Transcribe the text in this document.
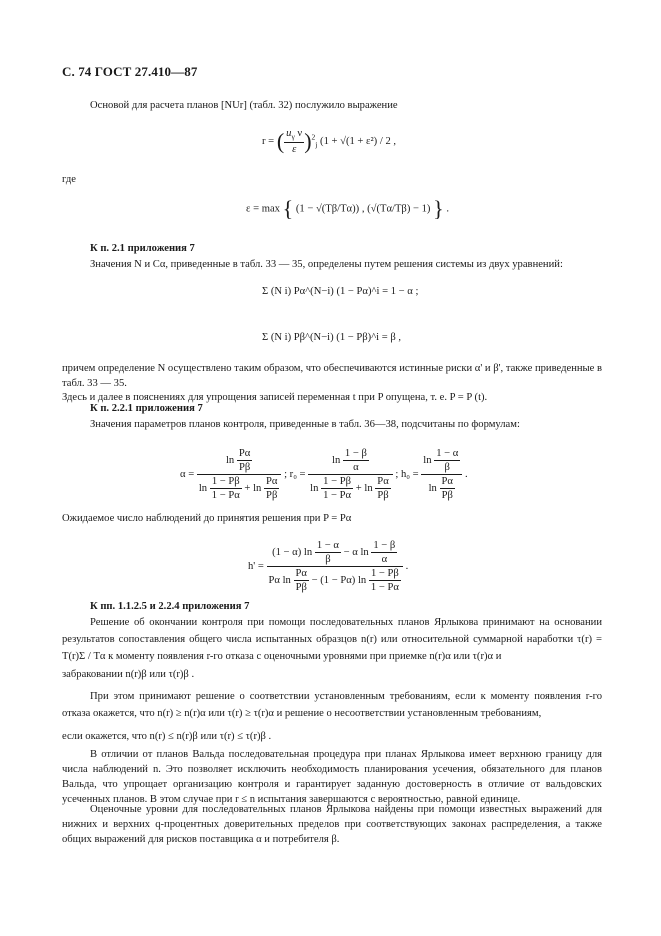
С. 74 ГОСТ 27.410—87
Основой для расчета планов [NUr] (табл. 32) послужило выражение
r = ( $\frac{u_\gamma \nu}{\varepsilon} )^2_j$ (1 + √(1 + ε²) / 2 ,
где
ε = max { (1 − √(Tβ/Tα)) , (√(Tα/Tβ) − 1) } .
К п. 2.1 приложения 7
Значения N и Cα, приведенные в табл. 33 — 35, определены путем решения системы из двух уравнений:
Σ (N i) Pα^(N−i) (1 − Pα)^i = 1 − α ;
Σ (N i) Pβ^(N−i) (1 − Pβ)^i = β ,
причем определение N осуществлено таким образом, что обеспечиваются истинные риски α' и β', также приведенные в табл. 33 — 35.
Здесь и далее в пояснениях для упрощения записей переменная t при P опущена, т. е. P = P (t).
К п. 2.2.1 приложения 7
Значения параметров планов контроля, приведенные в табл. 36—38, подсчитаны по формулам:
$\alpha = \frac{\ln \frac{P\alpha}{P\beta}}{\ln \frac{1 - P\beta}{1 - P\alpha} + \ln \frac{P\alpha}{P\beta}}$ ; $r_0 = \frac{\ln \frac{1 - \beta}{\alpha}}{\ln \frac{1 - P\beta}{1 - P\alpha} + \ln \frac{P\alpha}{P\beta}}$ ; $h_0 = \frac{\ln \frac{1 - \alpha}{\beta}}{\ln \frac{P\alpha}{P\beta}}$ .
Ожидаемое число наблюдений до принятия решения при P = Pα
$h' = \frac{(1 - \alpha) \ln \frac{1 - \alpha}{\beta} - \alpha \ln \frac{1 - \beta}{\alpha}}{P\alpha \ln \frac{P\alpha}{P\beta} - (1 - P\alpha) \ln \frac{1 - P\beta}{1 - P\alpha}}$ .
К пп. 1.1.2.5 и 2.2.4 приложения 7
Решение об окончании контроля при помощи последовательных планов Ярлыкова принимают на основании результатов сопоставления общего числа испытанных образцов n(r) или относительной суммарной наработки τ(r) = T(r)Σ / Tα к моменту появления r-го отказа с оценочными уровнями при приемке n(r)α или τ(r)α и
забраковании n(r)β или τ(r)β .
При этом принимают решение о соответствии установленным требованиям, если к моменту появления r-го отказа окажется, что n(r) ≥ n(r)α или τ(r) ≥ τ(r)α и решение о несоответствии установленным требованиям,
если окажется, что n(r) ≤ n(r)β или τ(r) ≤ τ(r)β .
В отличии от планов Вальда последовательная процедура при планах Ярлыкова имеет верхнюю границу для числа наблюдений n. Это позволяет исключить необходимость планирования усечения, обязательного для планов Вальда, что упрощает организацию контроля и гарантирует заданную достоверность в отличие от вальдовских усеченных планов. В этом случае при r ≤ n испытания завершаются с вероятностью, равной единице.
Оценочные уровни для последовательных планов Ярлыкова найдены при помощи известных выражений для нижних и верхних q-процентных доверительных пределов при соответствующих законах распределения, а также общих выражений для рисков поставщика α и потребителя β.
